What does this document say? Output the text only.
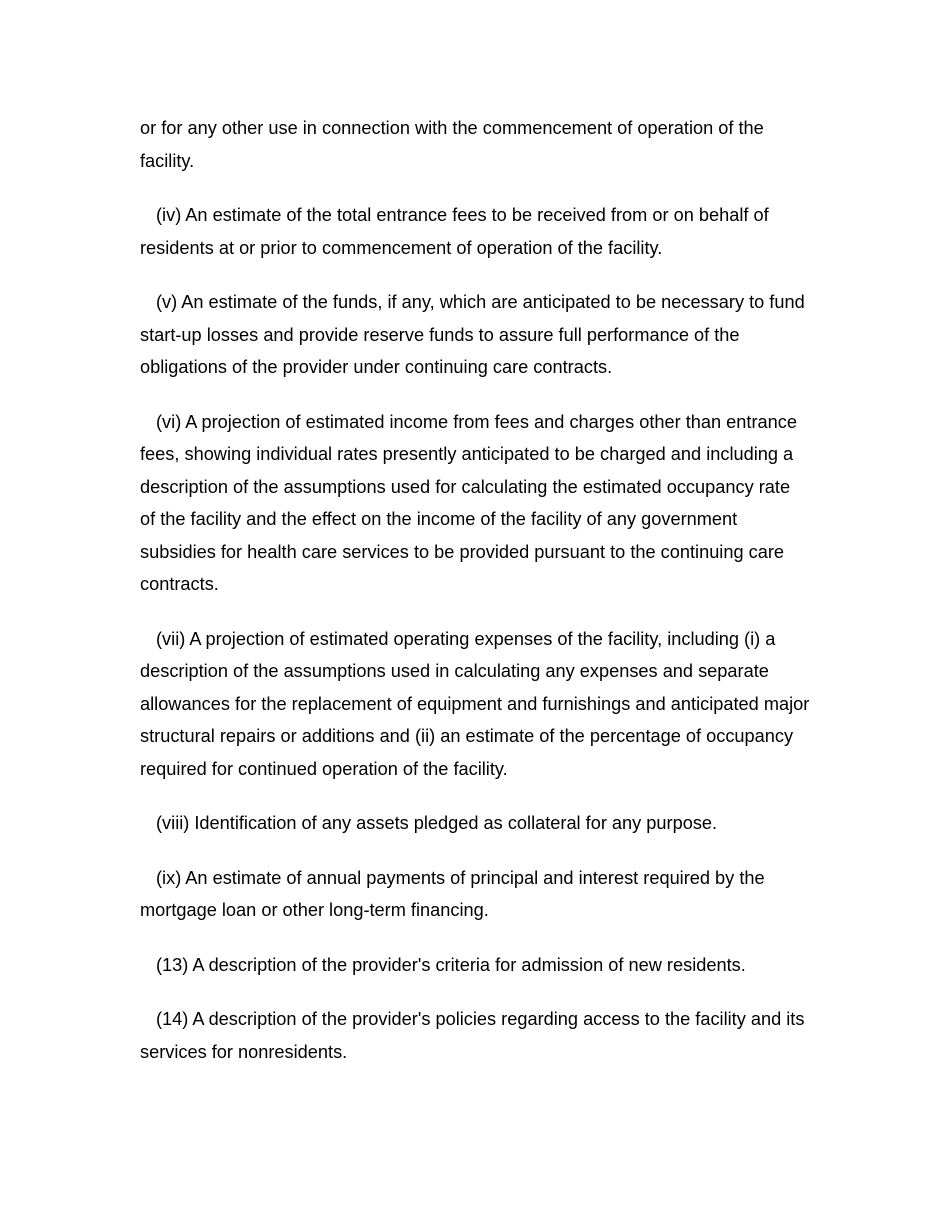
or for any other use in connection with the commencement of operation of the facility.

(iv) An estimate of the total entrance fees to be received from or on behalf of residents at or prior to commencement of operation of the facility.

(v) An estimate of the funds, if any, which are anticipated to be necessary to fund start-up losses and provide reserve funds to assure full performance of the obligations of the provider under continuing care contracts.

(vi) A projection of estimated income from fees and charges other than entrance fees, showing individual rates presently anticipated to be charged and including a description of the assumptions used for calculating the estimated occupancy rate of the facility and the effect on the income of the facility of any government subsidies for health care services to be provided pursuant to the continuing care contracts.

(vii) A projection of estimated operating expenses of the facility, including (i) a description of the assumptions used in calculating any expenses and separate allowances for the replacement of equipment and furnishings and anticipated major structural repairs or additions and (ii) an estimate of the percentage of occupancy required for continued operation of the facility.

(viii) Identification of any assets pledged as collateral for any purpose.

(ix) An estimate of annual payments of principal and interest required by the mortgage loan or other long-term financing.

(13) A description of the provider's criteria for admission of new residents.

(14) A description of the provider's policies regarding access to the facility and its services for nonresidents.
